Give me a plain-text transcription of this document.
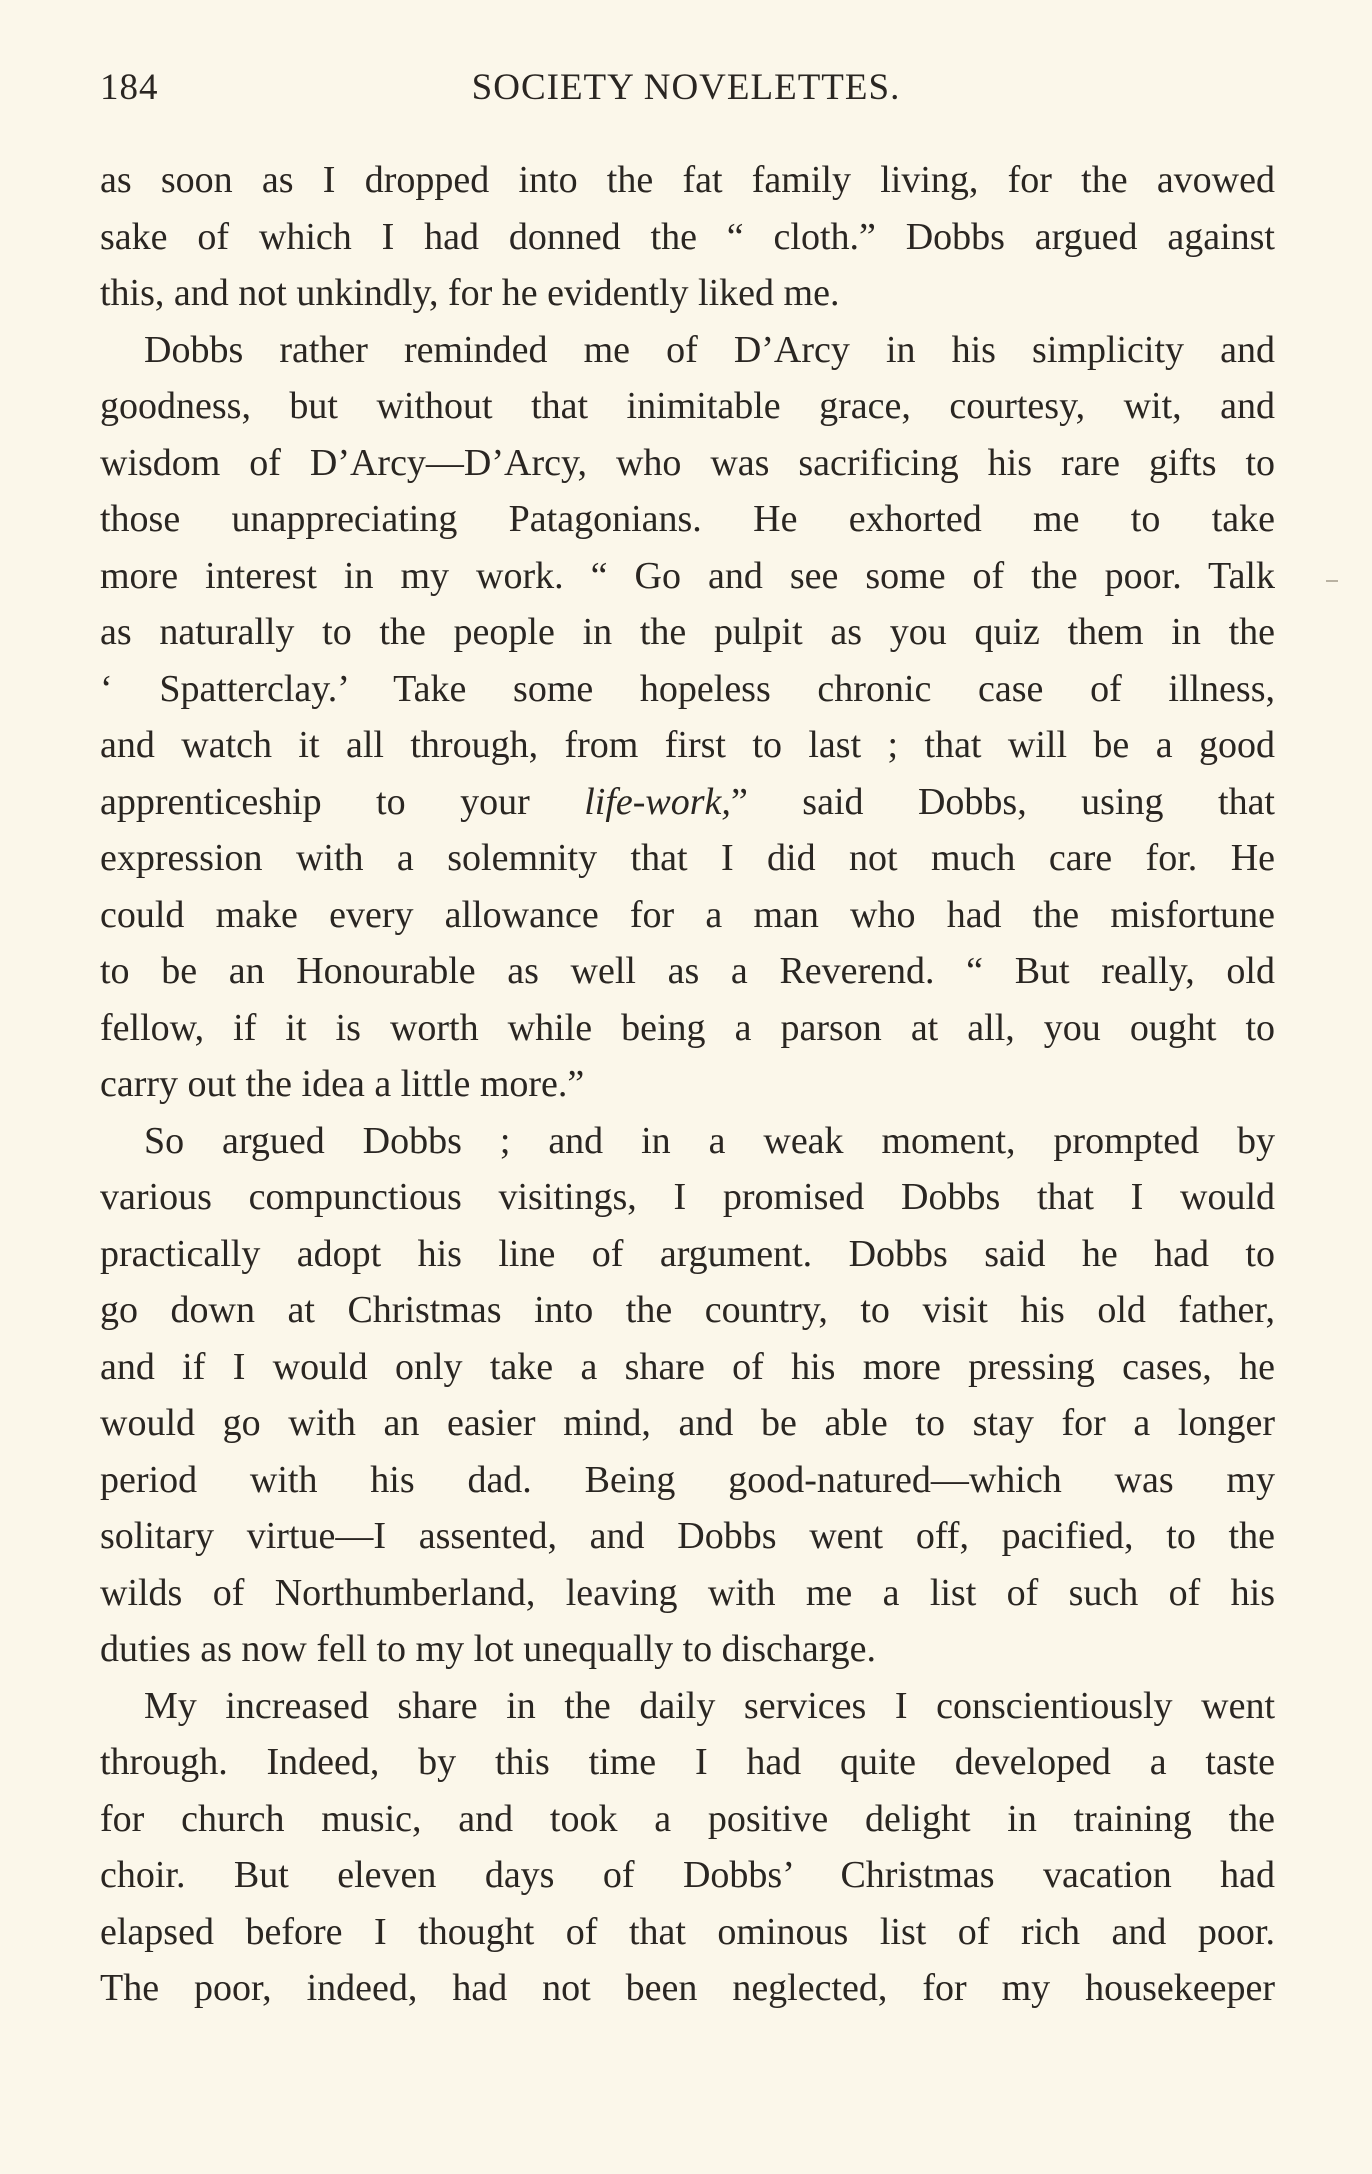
184	SOCIETY NOVELETTES.
as soon as I dropped into the fat family living, for the avowed
sake of which I had donned the “ cloth.” Dobbs argued against
this, and not unkindly, for he evidently liked me.
Dobbs rather reminded me of D’Arcy in his simplicity and
goodness, but without that inimitable grace, courtesy, wit, and
wisdom of D’Arcy—D’Arcy, who was sacrificing his rare gifts to
those unappreciating Patagonians. He exhorted me to take
more interest in my work. “ Go and see some of the poor. Talk
as naturally to the people in the pulpit as you quiz them in the
‘ Spatterclay.’ Take some hopeless chronic case of illness,
and watch it all through, from first to last ; that will be a good
apprenticeship to your life-work,” said Dobbs, using that
expression with a solemnity that I did not much care for. He
could make every allowance for a man who had the misfortune
to be an Honourable as well as a Reverend. “ But really, old
fellow, if it is worth while being a parson at all, you ought to
carry out the idea a little more.”
So argued Dobbs ; and in a weak moment, prompted by
various compunctious visitings, I promised Dobbs that I would
practically adopt his line of argument. Dobbs said he had to
go down at Christmas into the country, to visit his old father,
and if I would only take a share of his more pressing cases, he
would go with an easier mind, and be able to stay for a longer
period with his dad. Being good-natured—which was my
solitary virtue—I assented, and Dobbs went off, pacified, to the
wilds of Northumberland, leaving with me a list of such of his
duties as now fell to my lot unequally to discharge.
My increased share in the daily services I conscientiously went
through. Indeed, by this time I had quite developed a taste
for church music, and took a positive delight in training the
choir. But eleven days of Dobbs’ Christmas vacation had
elapsed before I thought of that ominous list of rich and poor.
The poor, indeed, had not been neglected, for my housekeeper
